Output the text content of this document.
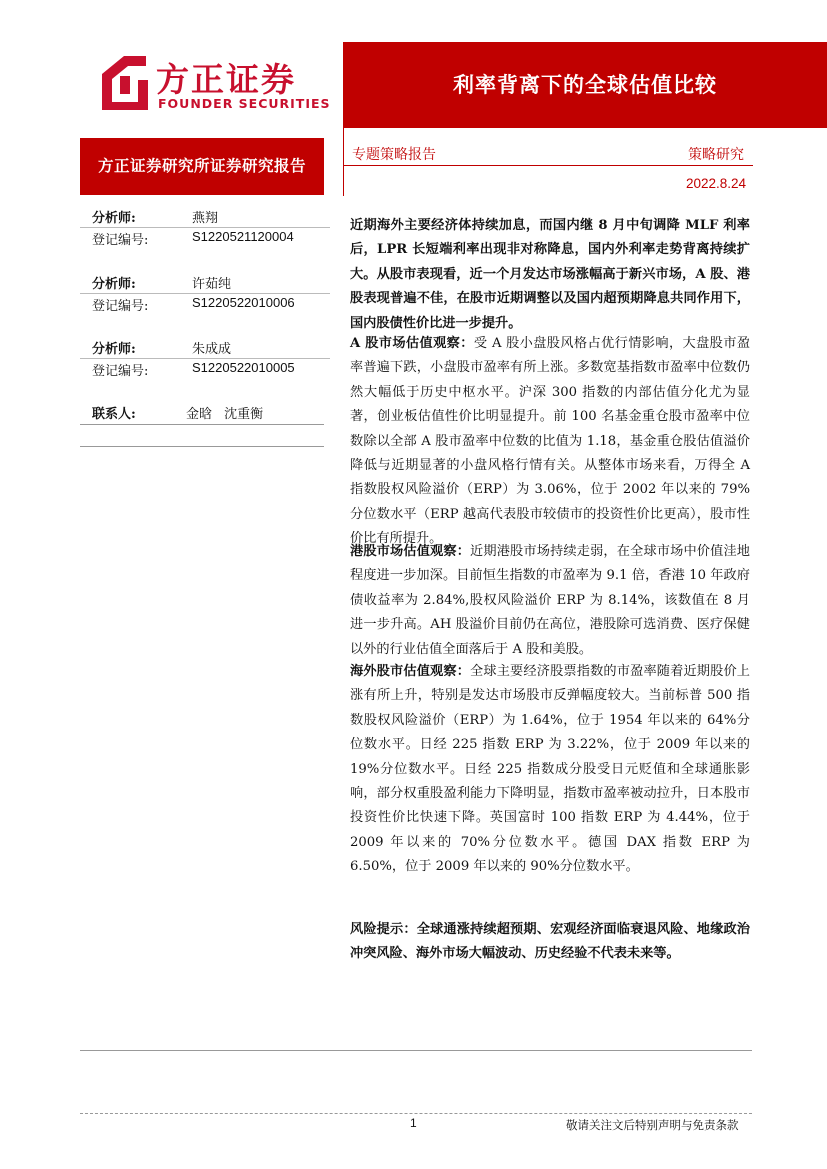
方正证券
FOUNDER SECURITIES
利率背离下的全球估值比较
方正证券研究所证券研究报告
专题策略报告	策略研究
2022.8.24
分析师:	燕翔
登记编号:	S1220521120004
分析师:	许茹纯
登记编号:	S1220522010006
分析师:	朱成成
登记编号:	S1220522010005
联系人:	金晗 沈重衡
近期海外主要经济体持续加息，而国内继 8 月中旬调降 MLF 利率后，LPR 长短端利率出现非对称降息，国内外利率走势背离持续扩大。从股市表现看，近一个月发达市场涨幅高于新兴市场，A 股、港股表现普遍不佳，在股市近期调整以及国内超预期降息共同作用下，国内股债性价比进一步提升。
A 股市场估值观察：受 A 股小盘股风格占优行情影响，大盘股市盈率普遍下跌，小盘股市盈率有所上涨。多数宽基指数市盈率中位数仍然大幅低于历史中枢水平。沪深 300 指数的内部估值分化尤为显著，创业板估值性价比明显提升。前 100 名基金重仓股市盈率中位数除以全部 A 股市盈率中位数的比值为 1.18，基金重仓股估值溢价降低与近期显著的小盘风格行情有关。从整体市场来看，万得全 A 指数股权风险溢价（ERP）为 3.06%，位于 2002 年以来的 79%分位数水平（ERP 越高代表股市较债市的投资性价比更高），股市性价比有所提升。
港股市场估值观察：近期港股市场持续走弱，在全球市场中价值洼地程度进一步加深。目前恒生指数的市盈率为 9.1 倍，香港 10 年政府债收益率为 2.84%,股权风险溢价 ERP 为 8.14%，该数值在 8 月进一步升高。AH 股溢价目前仍在高位，港股除可选消费、医疗保健以外的行业估值全面落后于 A 股和美股。
海外股市估值观察：全球主要经济股票指数的市盈率随着近期股价上涨有所上升，特别是发达市场股市反弹幅度较大。当前标普 500 指数股权风险溢价（ERP）为 1.64%，位于 1954 年以来的 64%分位数水平。日经 225 指数 ERP 为 3.22%，位于 2009 年以来的 19%分位数水平。日经 225 指数成分股受日元贬值和全球通胀影响，部分权重股盈利能力下降明显，指数市盈率被动拉升，日本股市投资性价比快速下降。英国富时 100 指数 ERP 为 4.44%，位于 2009 年以来的 70%分位数水平。德国 DAX 指数 ERP 为 6.50%，位于 2009 年以来的 90%分位数水平。
风险提示：全球通涨持续超预期、宏观经济面临衰退风险、地缘政治冲突风险、海外市场大幅波动、历史经验不代表未来等。
1	敬请关注文后特别声明与免责条款
